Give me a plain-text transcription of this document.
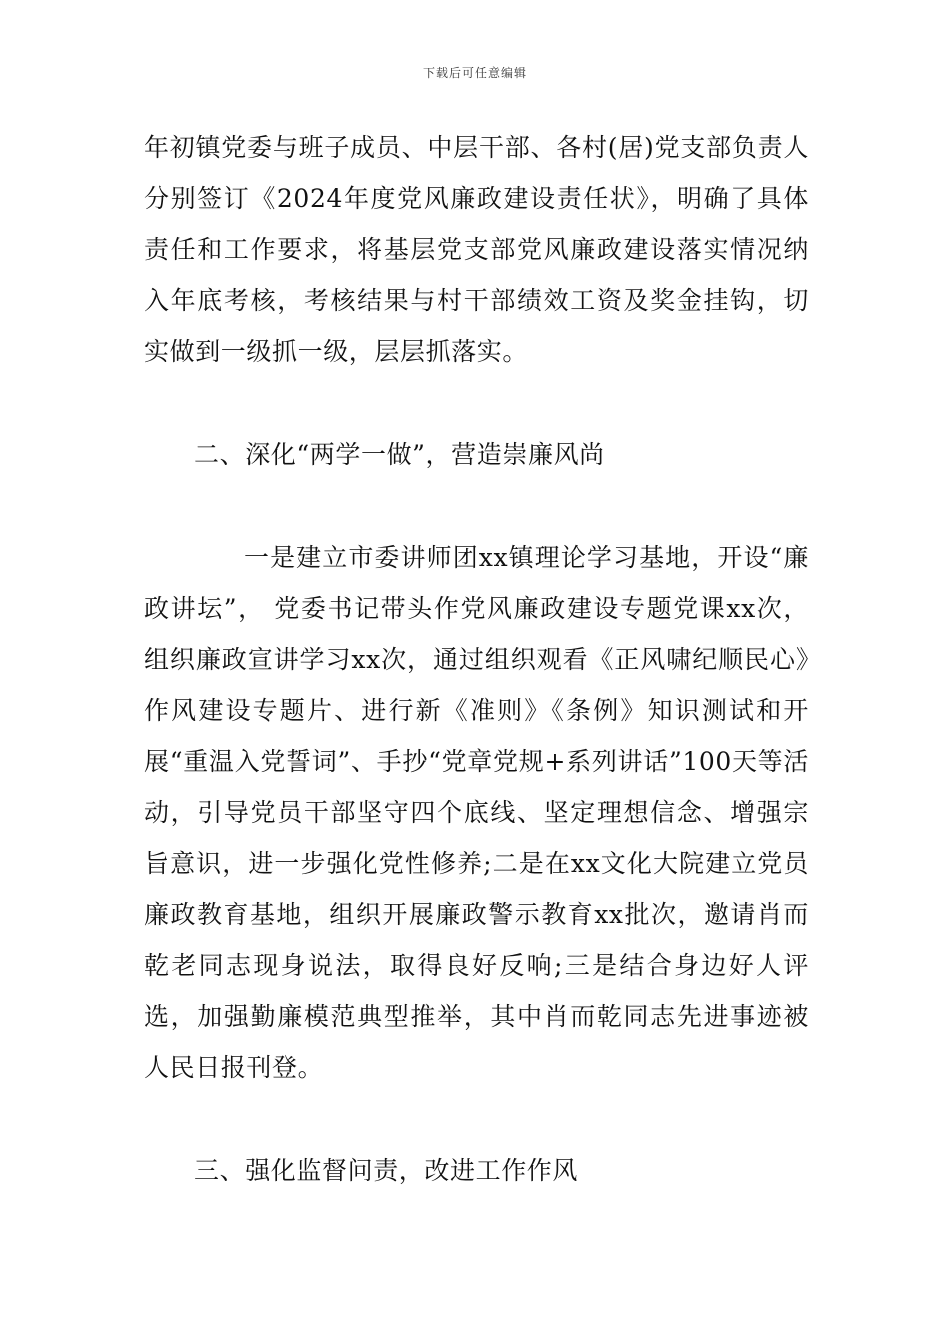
下载后可任意编辑

年初镇党委与班子成员、中层干部、各村(居)党支部负责人分别签订《2024年度党风廉政建设责任状》，明确了具体责任和工作要求，将基层党支部党风廉政建设落实情况纳入年底考核，考核结果与村干部绩效工资及奖金挂钩，切实做到一级抓一级，层层抓落实。

二、深化“两学一做”，营造崇廉风尚

一是建立市委讲师团xx镇理论学习基地，开设“廉政讲坛”， 党委书记带头作党风廉政建设专题党课xx次，组织廉政宣讲学习xx次，通过组织观看《正风啸纪顺民心》作风建设专题片、进行新《准则》《条例》知识测试和开展“重温入党誓词”、手抄“党章党规+系列讲话”100天等活动，引导党员干部坚守四个底线、坚定理想信念、增强宗旨意识，进一步强化党性修养;二是在xx文化大院建立党员廉政教育基地，组织开展廉政警示教育xx批次，邀请肖而乾老同志现身说法，取得良好反响;三是结合身边好人评选，加强勤廉模范典型推举，其中肖而乾同志先进事迹被人民日报刊登。

三、强化监督问责，改进工作作风
